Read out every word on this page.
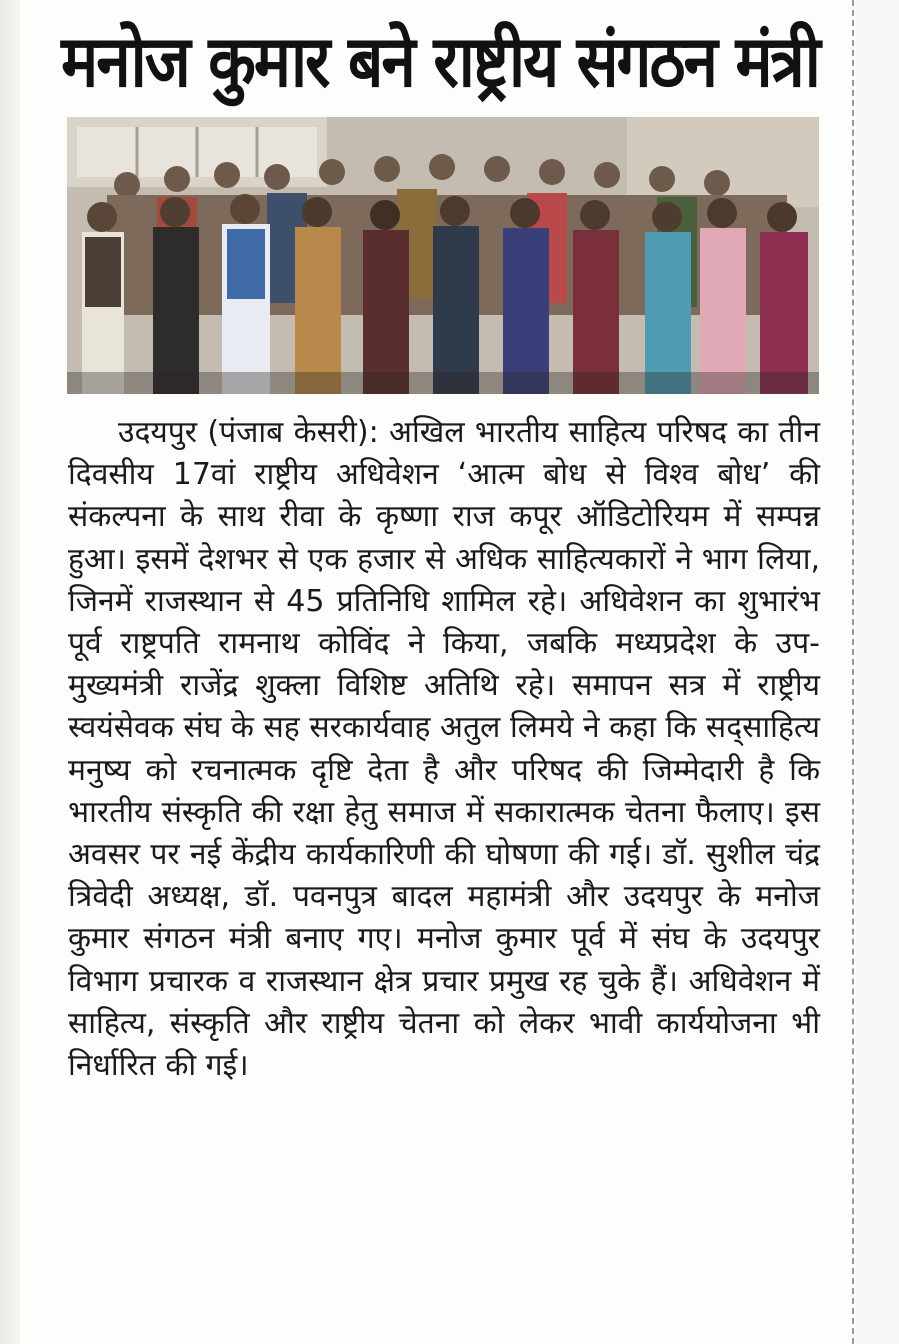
मनोज कुमार बने राष्ट्रीय संगठन मंत्री

उदयपुर (पंजाब केसरी): अखिल भारतीय साहित्य परिषद का तीन दिवसीय 17वां राष्ट्रीय अधिवेशन ‘आत्म बोध से विश्व बोध’ की संकल्पना के साथ रीवा के कृष्णा राज कपूर ऑडिटोरियम में सम्पन्न हुआ। इसमें देशभर से एक हजार से अधिक साहित्यकारों ने भाग लिया, जिनमें राजस्थान से 45 प्रतिनिधि शामिल रहे। अधिवेशन का शुभारंभ पूर्व राष्ट्रपति रामनाथ कोविंद ने किया, जबकि मध्यप्रदेश के उप-मुख्यमंत्री राजेंद्र शुक्ला विशिष्ट अतिथि रहे। समापन सत्र में राष्ट्रीय स्वयंसेवक संघ के सह सरकार्यवाह अतुल लिमये ने कहा कि सद्साहित्य मनुष्य को रचनात्मक दृष्टि देता है और परिषद की जिम्मेदारी है कि भारतीय संस्कृति की रक्षा हेतु समाज में सकारात्मक चेतना फैलाए। इस अवसर पर नई केंद्रीय कार्यकारिणी की घोषणा की गई। डॉ. सुशील चंद्र त्रिवेदी अध्यक्ष, डॉ. पवनपुत्र बादल महामंत्री और उदयपुर के मनोज कुमार संगठन मंत्री बनाए गए। मनोज कुमार पूर्व में संघ के उदयपुर विभाग प्रचारक व राजस्थान क्षेत्र प्रचार प्रमुख रह चुके हैं। अधिवेशन में साहित्य, संस्कृति और राष्ट्रीय चेतना को लेकर भावी कार्ययोजना भी निर्धारित की गई।
